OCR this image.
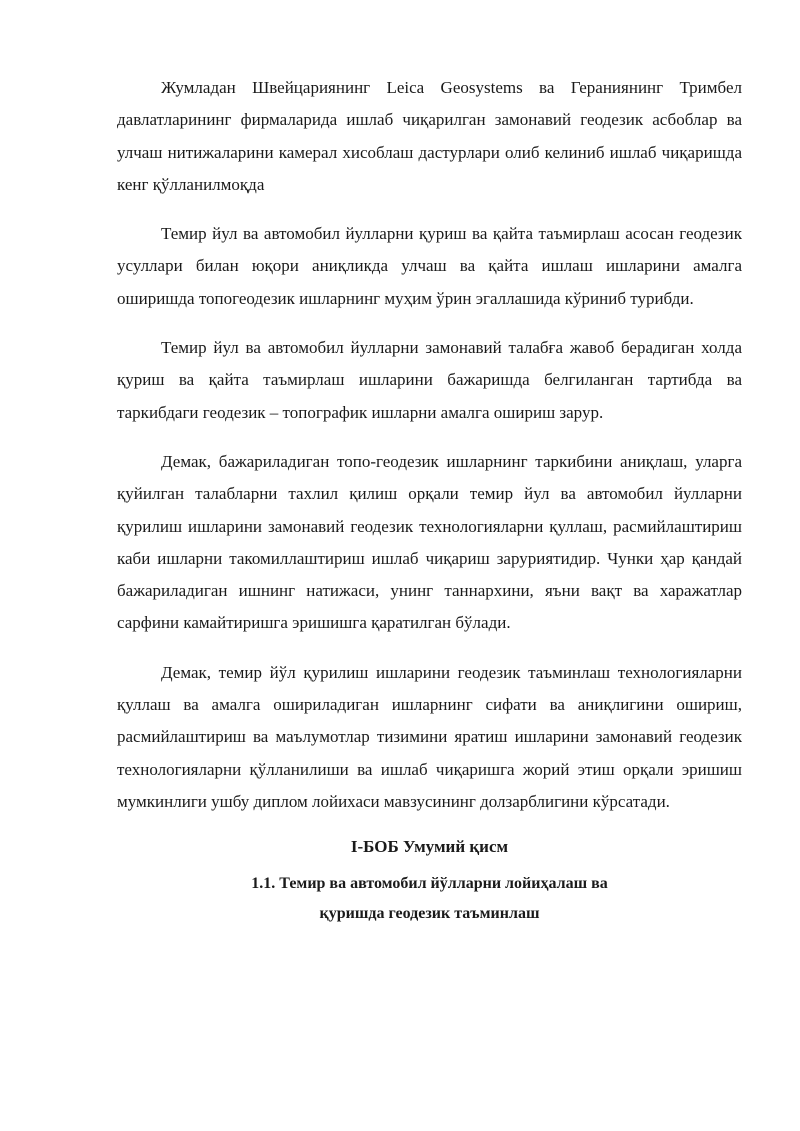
Жумладан Швейцариянинг Leica Geosystems ва Гераниянинг Тримбел давлатларининг фирмаларида ишлаб чиқарилган замонавий геодезик асбоблар ва улчаш нитижаларини камерал хисоблаш дастурлари олиб келиниб ишлаб чиқаришда кенг қўлланилмоқда

Темир йул ва автомобил йулларни қуриш ва қайта таъмирлаш асосан геодезик усуллари билан юқори аниқликда улчаш ва қайта ишлаш ишларини амалга оширишда топогеодезик ишларнинг муҳим ўрин эгаллашида кўриниб турибди.

Темир йул ва автомобил йулларни замонавий талабға жавоб берадиган холда қуриш ва қайта таъмирлаш ишларини бажаришда белгиланган тартибда ва таркибдаги геодезик – топографик ишларни амалга ошириш зарур.

Демак, бажариладиган топо-геодезик ишларнинг таркибини аниқлаш, уларга қуйилган талабларни тахлил қилиш орқали темир йул ва автомобил йулларни қурилиш ишларини замонавий геодезик технологияларни қуллаш, расмийлаштириш каби ишларни такомиллаштириш ишлаб чиқариш заруриятидир. Чунки ҳар қандай бажариладиган ишнинг натижаси, унинг таннархини, яъни вақт ва харажатлар сарфини камайтиришга эришишга қаратилган бўлади.

Демак, темир йўл қурилиш ишларини геодезик таъминлаш технологияларни қуллаш ва амалга ошириладиган ишларнинг сифати ва аниқлигини ошириш, расмийлаштириш ва маълумотлар тизимини яратиш ишларини замонавий геодезик технологияларни қўлланилиши ва ишлаб чиқаришга жорий этиш орқали эришиш мумкинлиги ушбу диплом лойихаси мавзусининг долзарблигини кўрсатади.

I-БОБ Умумий қисм
1.1. Темир ва автомобил йўлларни лойиҳалаш ва
қуришда геодезик таъминлаш
